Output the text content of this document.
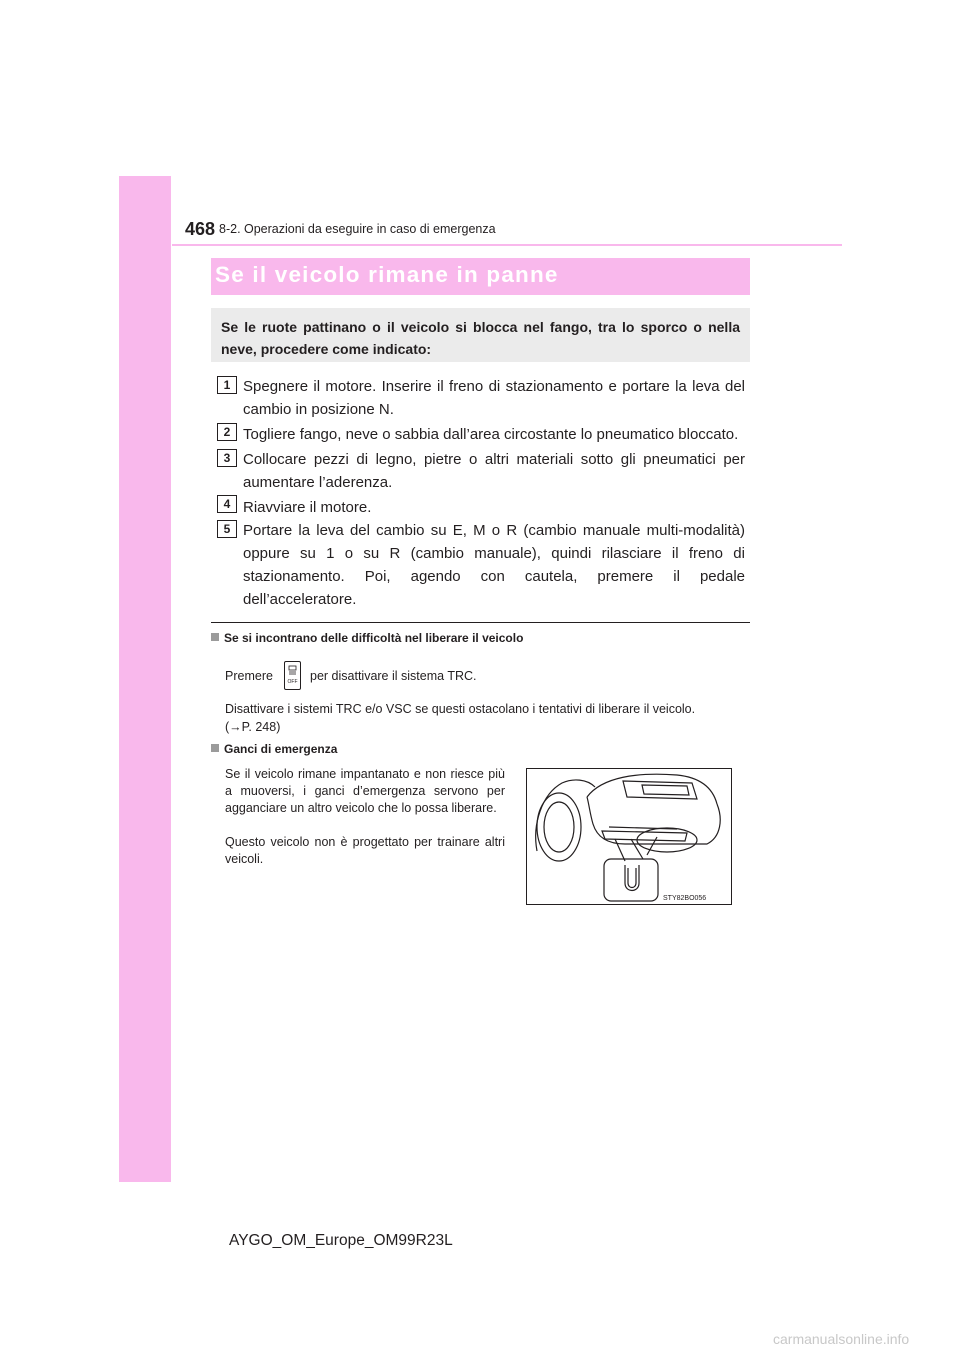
468 8-2. Operazioni da eseguire in caso di emergenza
Se il veicolo rimane in panne
Se le ruote pattinano o il veicolo si blocca nel fango, tra lo sporco o nella neve, procedere come indicato:
1 Spegnere il motore. Inserire il freno di stazionamento e portare la leva del cambio in posizione N.
2 Togliere fango, neve o sabbia dall’area circostante lo pneumatico bloccato.
3 Collocare pezzi di legno, pietre o altri materiali sotto gli pneumatici per aumentare l’aderenza.
4 Riavviare il motore.
5 Portare la leva del cambio su E, M o R (cambio manuale multi-modalità) oppure su 1 o su R (cambio manuale), quindi rilasciare il freno di stazionamento. Poi, agendo con cautela, premere il pedale dell’acceleratore.
Se si incontrano delle difficoltà nel liberare il veicolo
Premere	OFF per disattivare il sistema TRC.
Disattivare i sistemi TRC e/o VSC se questi ostacolano i tentativi di liberare il veicolo.
(→P. 248)
Ganci di emergenza
Se il veicolo rimane impantanato e non riesce più a muoversi, i ganci d’emergenza servono per agganciare un altro veicolo che lo possa liberare.
Questo veicolo non è progettato per trainare altri veicoli.
STY82BO056
AYGO_OM_Europe_OM99R23L
carmanualsonline.info
